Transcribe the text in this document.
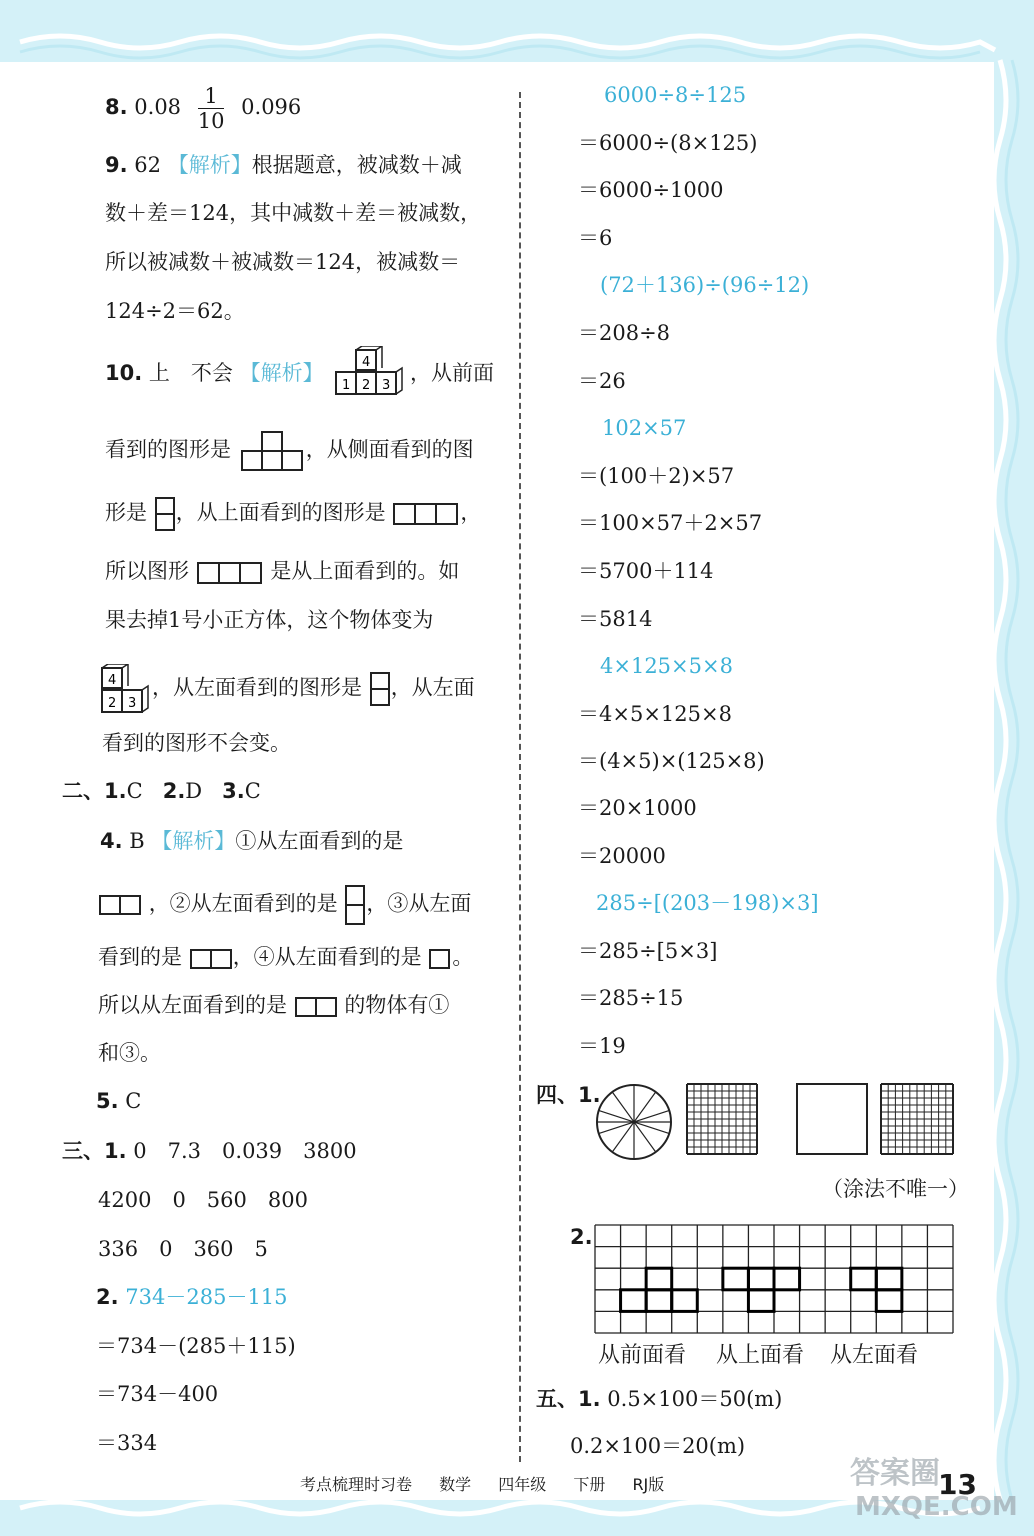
8. $0.08 \frac{1}{10} 0.096$
9. 62 【解析】根据题意，被减数＋减
数＋差＝124，其中减数＋差＝被减数，
所以被减数＋被减数＝124，被减数＝
124÷2＝62。
10. 上　不会 【解析】	4
1 2 3
，从前面
看到的图形是	，从侧面看到的图
形是 ，从上面看到的图形是	，
所以图形	是从上面看到的。如
果去掉1号小正方体，这个物体变为
4
2 3
，从左面看到的图形是 ，从左面
看到的图形不会变。
二、1.C 2.D 3.C
4. B 【解析】①从左面看到的是
，②从左面看到的是 ，③从左面
看到的是 ，④从左面看到的是 。
所以从左面看到的是	的物体有①
和③。
5. C
三、1. 0　7.3　0.039　3800
4200　0　560　800
336　0　360　5
2. 734－285－115
＝734－(285＋115)
＝734－400
＝334
6000÷8÷125
＝6000÷(8×125)
＝6000÷1000
＝6
(72＋136)÷(96÷12)
＝208÷8
＝26
102×57
＝(100＋2)×57
＝100×57＋2×57
＝5700＋114
＝5814
4×125×5×8
＝4×5×125×8
＝(4×5)×(125×8)
＝20×1000
＝20000
285÷[(203－198)×3]
＝285÷[5×3]
＝285÷15
＝19
四、1.
（涂法不唯一）
2.
从前面看 从上面看 从左面看
五、1. 0.5×100＝50(m)
0.2×100＝20(m)
考点梳理时习卷 数学 四年级 下册 RJ版	答案圈
MXQE.COM
13
